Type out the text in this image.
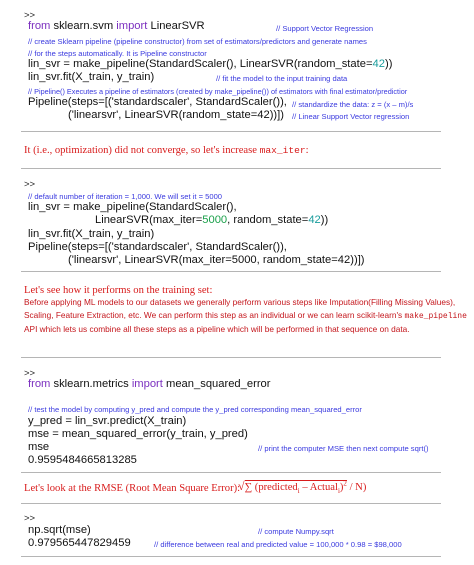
>>
from sklearn.svm import LinearSVR	// Support Vector Regression
// create Sklearn pipeline (pipeline constructor) from set of estimators/predictors and generate names
// for the steps automatically. It is Pipeline constructor
lin_svr = make_pipeline(StandardScaler(), LinearSVR(random_state=42))
lin_svr.fit(X_train, y_train)	// fit the model to the input training data
// Pipeline() Executes a pipeline of estimators (created by make_pipeline()) of estimators with final estimator/predictior
Pipeline(steps=[('standardscaler', StandardScaler()), // standardize the data: z = (x – m)/s
('linearsvr', LinearSVR(random_state=42))]) // Linear Support Vector regression
It (i.e., optimization) did not converge, so let's increase max_iter:
>>
// default number of iteration = 1,000. We will set it = 5000
lin_svr = make_pipeline(StandardScaler(),
LinearSVR(max_iter=5000, random_state=42))
lin_svr.fit(X_train, y_train)
Pipeline(steps=[('standardscaler', StandardScaler()),
('linearsvr', LinearSVR(max_iter=5000, random_state=42))])
Let's see how it performs on the training set:
Before applying ML models to our datasets we generally perform various steps like Imputation(Filling Missing Values), Scaling, Feature Extraction, etc. We can perform this step as an individual or we can learn scikit-learn's make_pipeline API which lets us combine all these steps as a pipeline which will be performed in that sequence on data.
>>
from sklearn.metrics import mean_squared_error
// test the model by computing y_pred and compute the y_pred corresponding mean_squared_error
y_pred = lin_svr.predict(X_train)
mse = mean_squared_error(y_train, y_pred)
mse	// print the computer MSE then next compute sqrt()
0.9595484665813285
Let's look at the RMSE (Root Mean Square Error):
√∑ (predicted$_i$ – Actual$_i$)$^2$ / N)
>>
np.sqrt(mse)	// compute Numpy.sqrt
0.979565447829459	// difference between real and predicted value = 100,000 * 0.98 = $98,000
